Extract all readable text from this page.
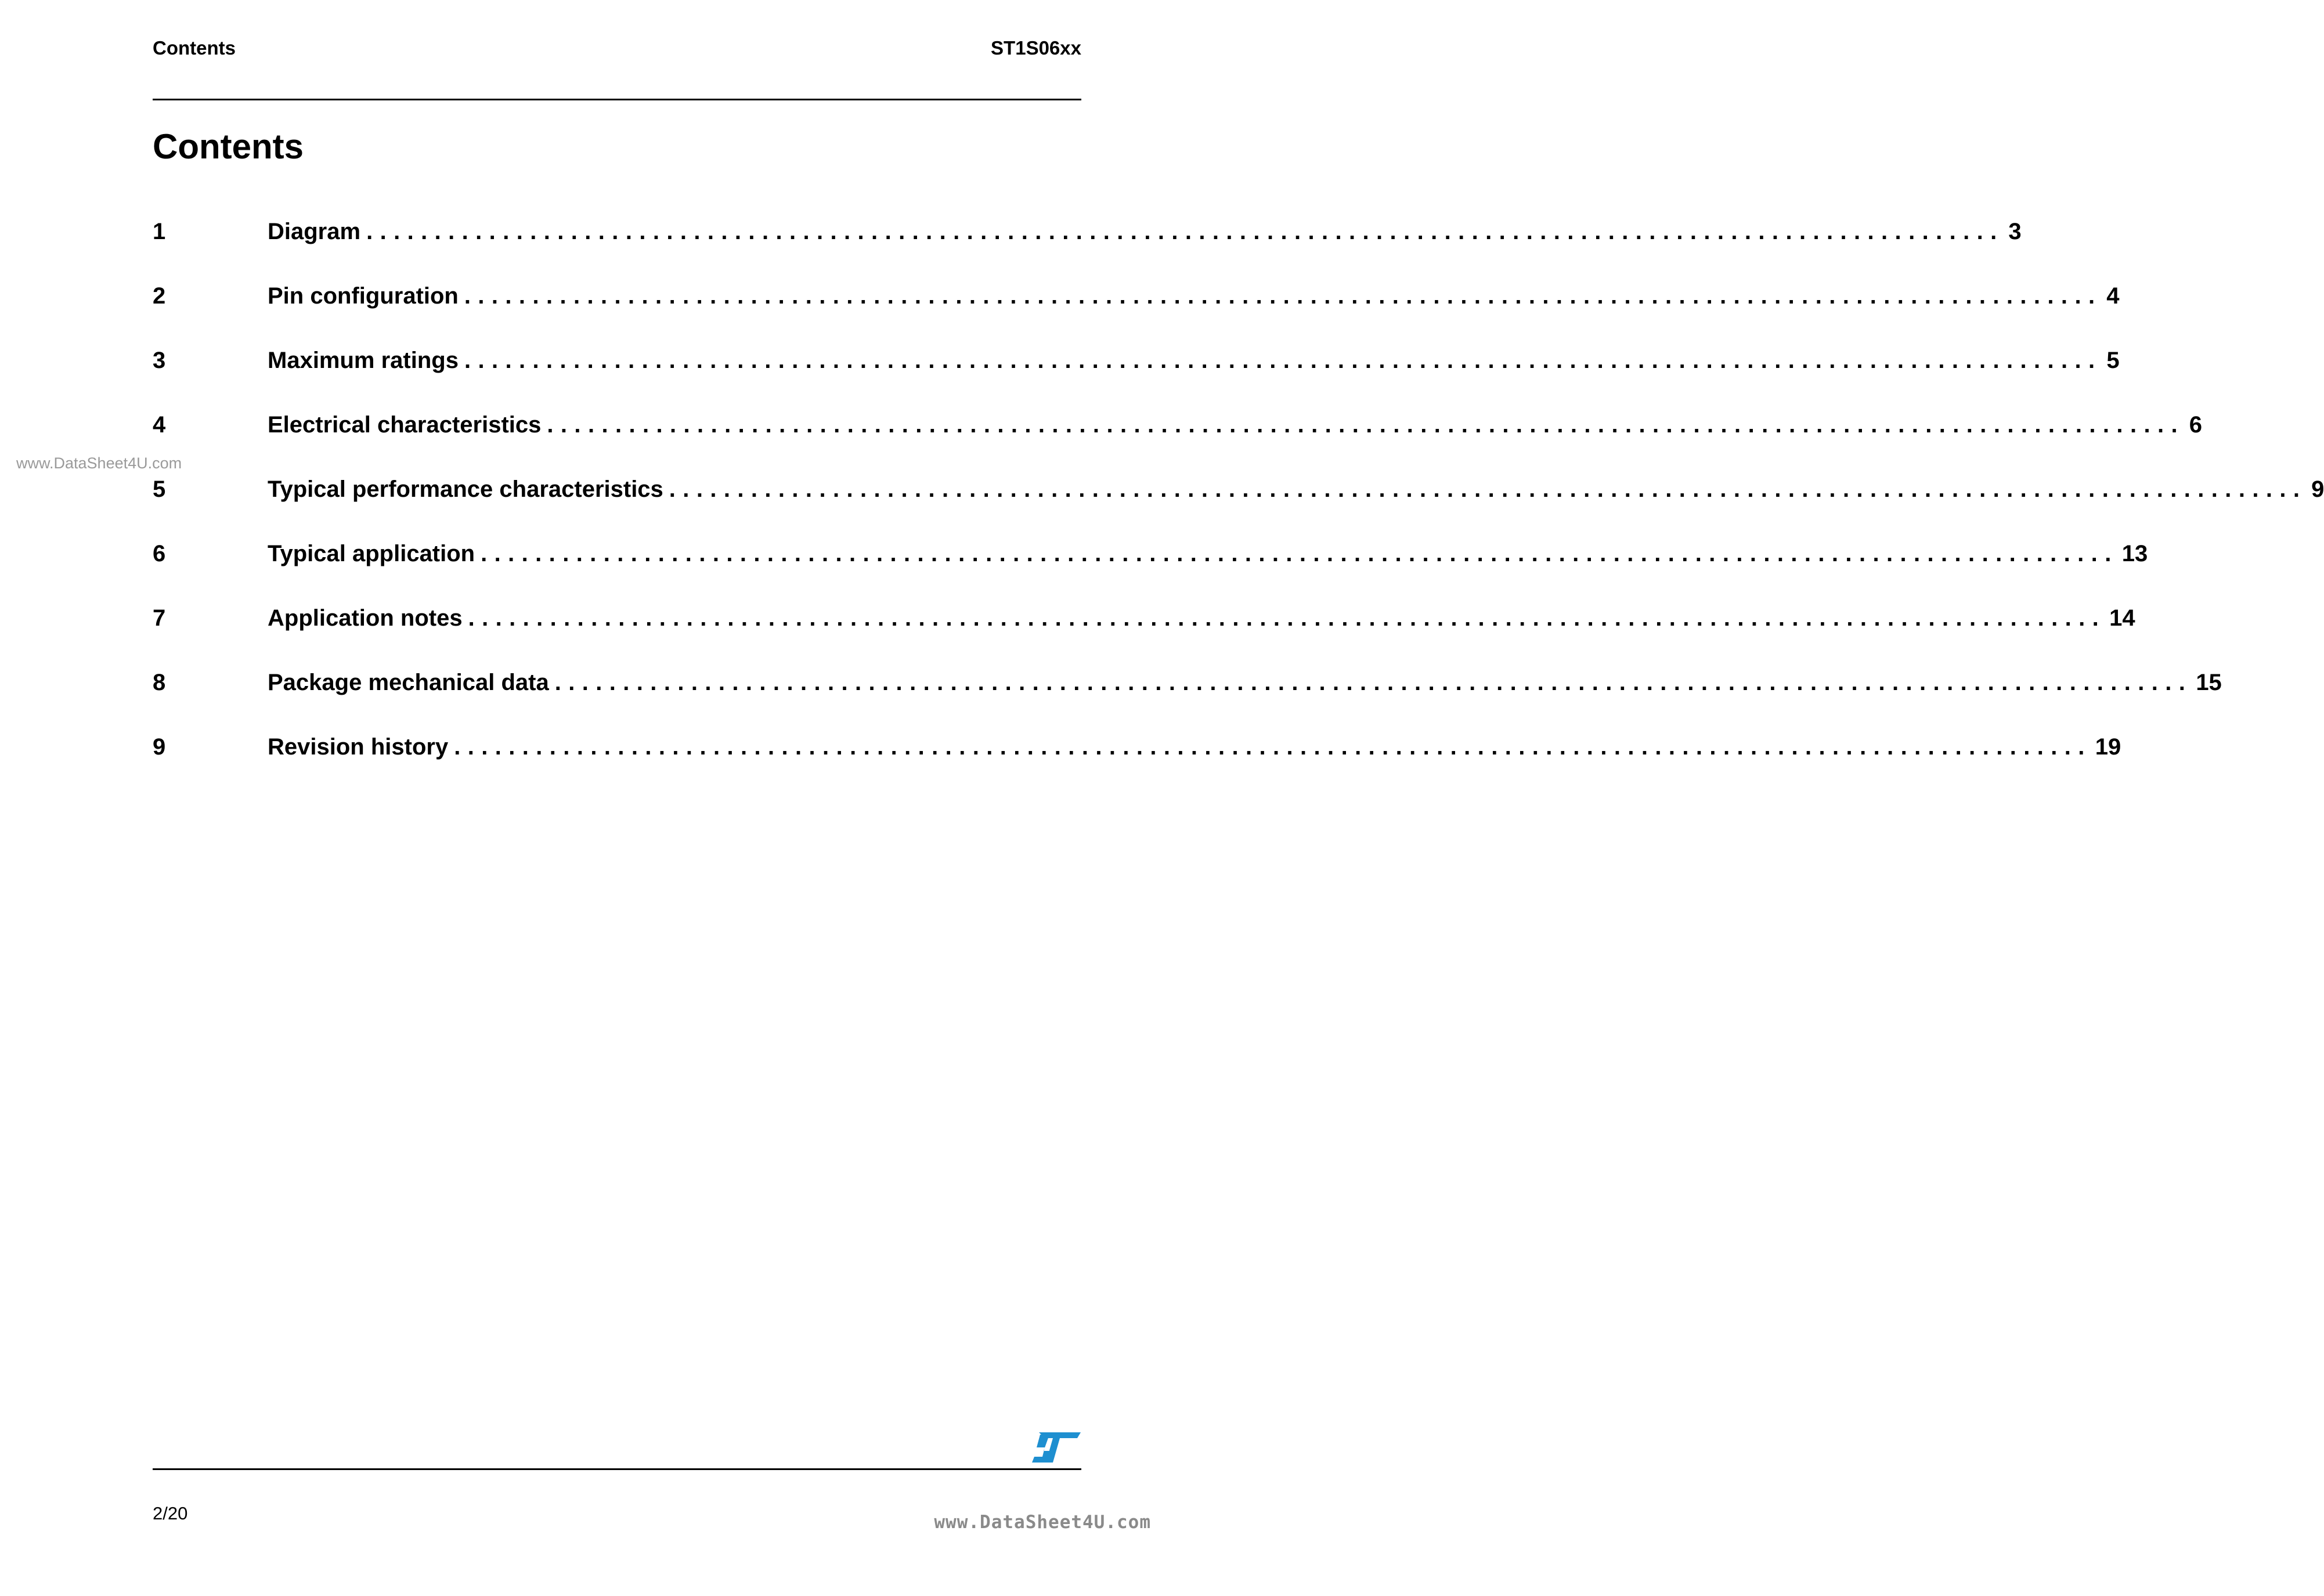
Contents	ST1S06xx
Contents
1	Diagram ........................................................................................................................ 3
2	Pin configuration ........................................................................................................................ 4
3	Maximum ratings ........................................................................................................................ 5
4	Electrical characteristics ........................................................................................................................ 6
5	Typical performance characteristics ........................................................................................................................ 9
6	Typical application ........................................................................................................................ 13
7	Application notes ........................................................................................................................ 14
8	Package mechanical data ........................................................................................................................ 15
9	Revision history ........................................................................................................................ 19
www.DataSheet4U.com
2/20	www.DataSheet4U.com
